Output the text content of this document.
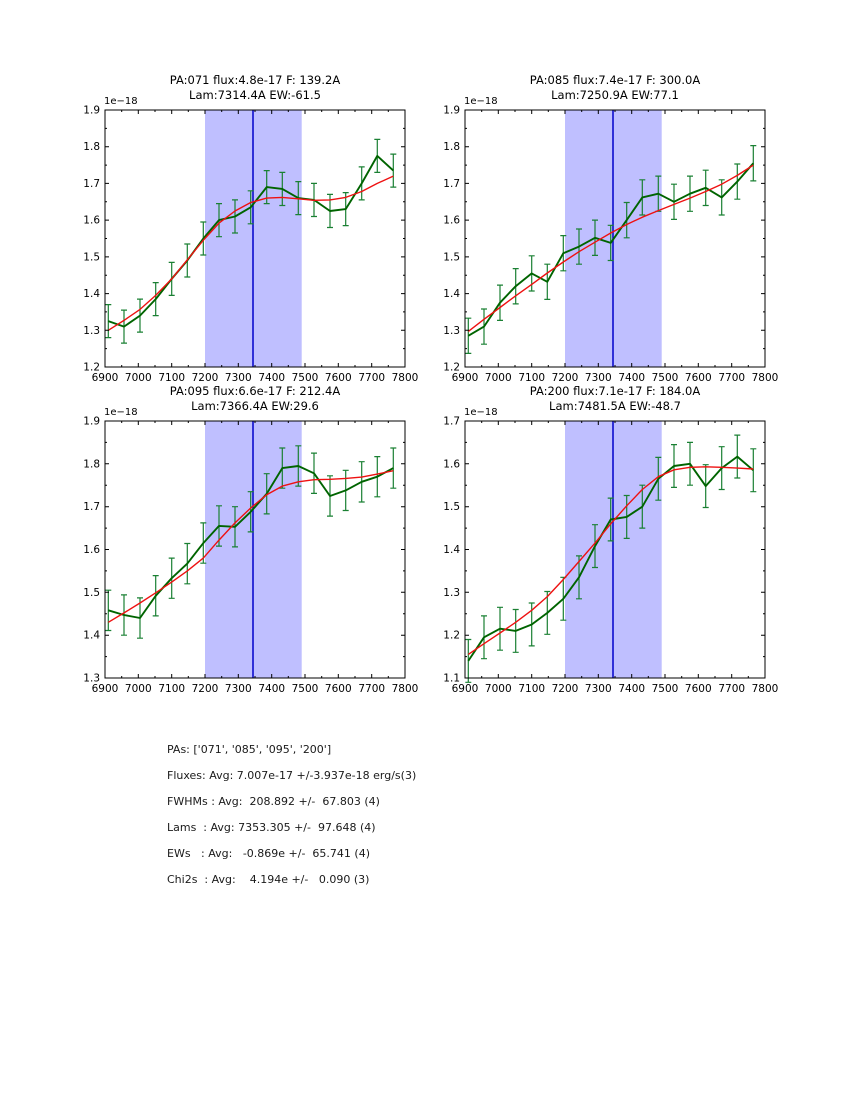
PA:071 flux:4.8e-17 F: 139.2A
Lam:7314.4A EW:-61.5
1e−18
6900 7000 7100 7200 7300 7400 7500 7600 7700 7800
1.2
1.3
1.4
1.5
1.6
1.7
1.8
1.9
PA:085 flux:7.4e-17 F: 300.0A
Lam:7250.9A EW:77.1
1e−18
6900 7000 7100 7200 7300 7400 7500 7600 7700 7800
1.2
1.3
1.4
1.5
1.6
1.7
1.8
1.9
PA:095 flux:6.6e-17 F: 212.4A
Lam:7366.4A EW:29.6
1e−18
6900 7000 7100 7200 7300 7400 7500 7600 7700 7800
1.3
1.4
1.5
1.6
1.7
1.8
1.9
PA:200 flux:7.1e-17 F: 184.0A
Lam:7481.5A EW:-48.7
1e−18
6900 7000 7100 7200 7300 7400 7500 7600 7700 7800
1.1
1.2
1.3
1.4
1.5
1.6
1.7
PAs: ['071', '085', '095', '200']
Fluxes: Avg: 7.007e-17 +/-3.937e-18 erg/s(3)
FWHMs : Avg:  208.892 +/-  67.803 (4)
Lams  : Avg: 7353.305 +/-  97.648 (4)
EWs   : Avg:   -0.869e +/-  65.741 (4)
Chi2s  : Avg:    4.194e +/-   0.090 (3)
